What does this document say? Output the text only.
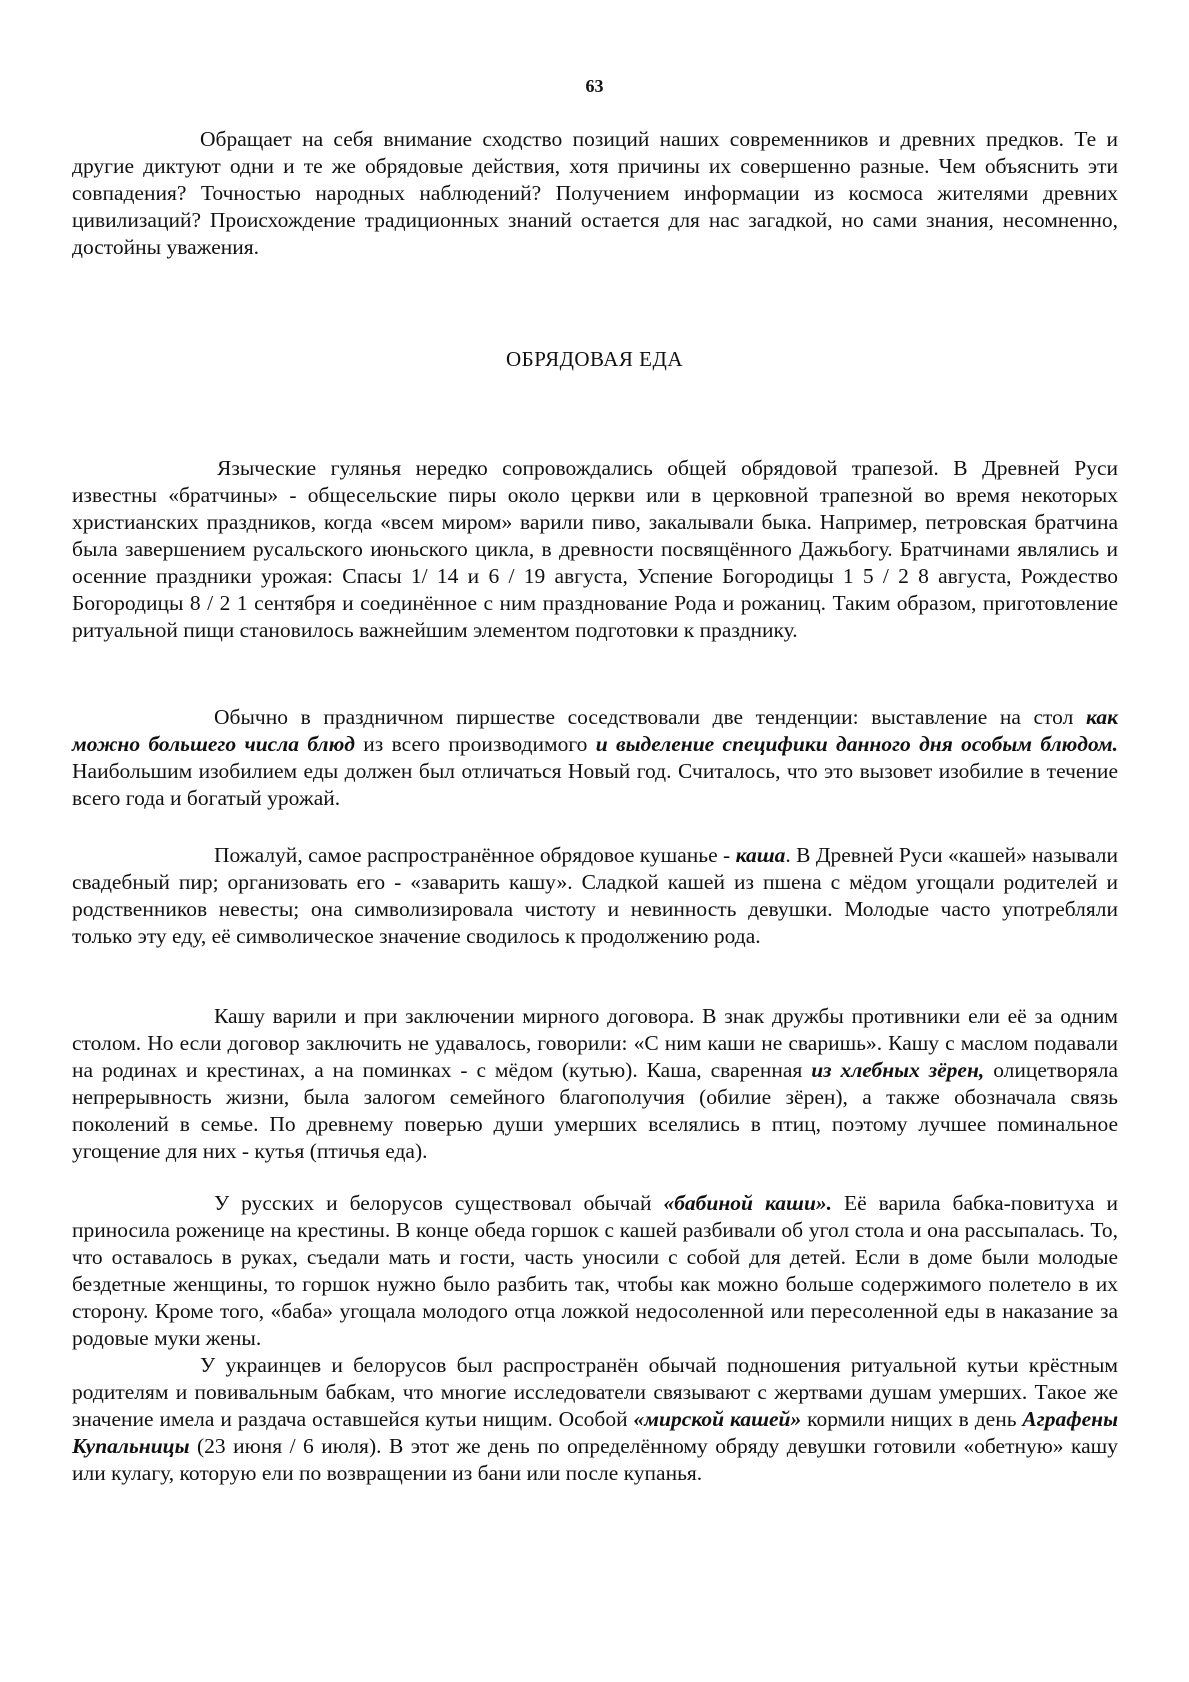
63

Обращает на себя внимание сходство позиций наших современников и древних предков. Те и другие диктуют одни и те же обрядовые действия, хотя причины их совершенно разные. Чем объяснить эти совпадения? Точностью народных наблюдений? Получением информации из космоса жителями древних цивилизаций? Происхождение традиционных знаний остается для нас загадкой, но сами знания, несомненно, достойны уважения.

ОБРЯДОВАЯ ЕДА

Языческие гулянья нередко сопровождались общей обрядовой трапезой. В Древней Руси известны «братчины» - общесельские пиры около церкви или в церковной трапезной во время некоторых христианских праздников, когда «всем миром» варили пиво, закалывали быка. Например, петровская братчина была завершением русальского июньского цикла, в древности посвящённого Дажьбогу. Братчинами являлись и осенние праздники урожая: Спасы 1/ 14 и 6 / 19 августа, Успение Богородицы 1 5 / 2 8 августа, Рождество Богородицы 8 / 2 1 сентября и соединённое с ним празднование Рода и рожаниц. Таким образом, приготовление ритуальной пищи становилось важнейшим элементом подготовки к празднику.

Обычно в праздничном пиршестве соседствовали две тенденции: выставление на стол как можно большего числа блюд из всего производимого и выделение специфики данного дня особым блюдом. Наибольшим изобилием еды должен был отличаться Новый год. Считалось, что это вызовет изобилие в течение всего года и богатый урожай.

Пожалуй, самое распространённое обрядовое кушанье - каша. В Древней Руси «кашей» называли свадебный пир; организовать его - «заварить кашу». Сладкой кашей из пшена с мёдом угощали родителей и родственников невесты; она символизировала чистоту и невинность девушки. Молодые часто употребляли только эту еду, её символическое значение сводилось к продолжению рода.

Кашу варили и при заключении мирного договора. В знак дружбы противники ели её за одним столом. Но если договор заключить не удавалось, говорили: «С ним каши не сваришь». Кашу с маслом подавали на родинах и крестинах, а на поминках - с мёдом (кутью). Каша, сваренная из хлебных зёрен, олицетворяла непрерывность жизни, была залогом семейного благополучия (обилие зёрен), а также обозначала связь поколений в семье. По древнему поверью души умерших вселялись в птиц, поэтому лучшее поминальное угощение для них - кутья (птичья еда).

У русских и белорусов существовал обычай «бабиной каши». Её варила бабка-повитуха и приносила роженице на крестины. В конце обеда горшок с кашей разбивали об угол стола и она рассыпалась. То, что оставалось в руках, съедали мать и гости, часть уносили с собой для детей. Если в доме были молодые бездетные женщины, то горшок нужно было разбить так, чтобы как можно больше содержимого полетело в их сторону. Кроме того, «баба» угощала молодого отца ложкой недосоленной или пересоленной еды в наказание за родовые муки жены.

У украинцев и белорусов был распространён обычай подношения ритуальной кутьи крёстным родителям и повивальным бабкам, что многие исследователи связывают с жертвами душам умерших. Такое же значение имела и раздача оставшейся кутьи нищим. Особой «мирской кашей» кормили нищих в день Аграфены Купальницы (23 июня / 6 июля). В этот же день по определённому обряду девушки готовили «обетную» кашу или кулагу, которую ели по возвращении из бани или после купанья.
